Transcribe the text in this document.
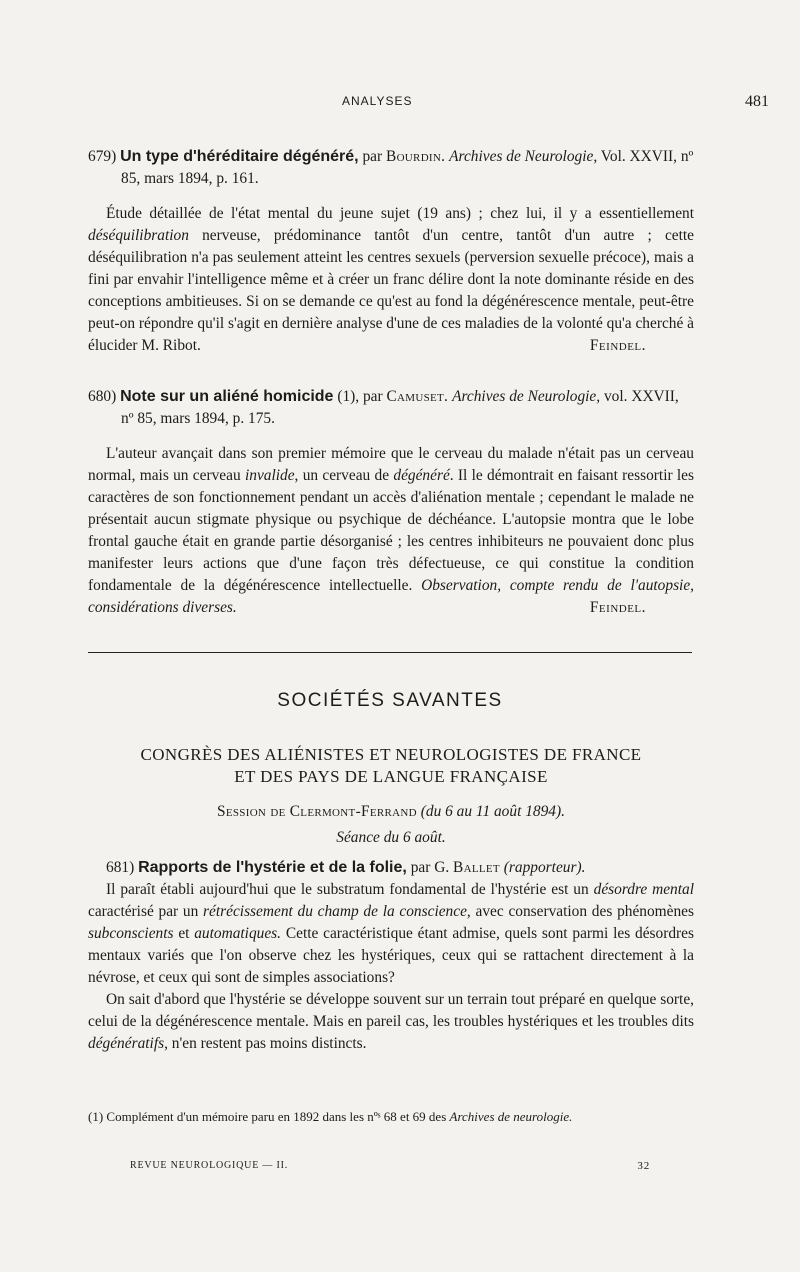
ANALYSES	481

679) Un type d'héréditaire dégénéré, par Bourdin. Archives de Neurologie, Vol. XXVII, nº 85, mars 1894, p. 161.

Étude détaillée de l'état mental du jeune sujet (19 ans) ; chez lui, il y a essentiellement déséquilibration nerveuse, prédominance tantôt d'un centre, tantôt d'un autre ; cette déséquilibration n'a pas seulement atteint les centres sexuels (perversion sexuelle précoce), mais a fini par envahir l'intelligence même et à créer un franc délire dont la note dominante réside en des conceptions ambitieuses. Si on se demande ce qu'est au fond la dégénérescence mentale, peut-être peut-on répondre qu'il s'agit en dernière analyse d'une de ces maladies de la volonté qu'a cherché à élucider M. Ribot.	Feindel.

680) Note sur un aliéné homicide (1), par Camuset. Archives de Neurologie, vol. XXVII, nº 85, mars 1894, p. 175.

L'auteur avançait dans son premier mémoire que le cerveau du malade n'était pas un cerveau normal, mais un cerveau invalide, un cerveau de dégénéré. Il le démontrait en faisant ressortir les caractères de son fonctionnement pendant un accès d'aliénation mentale ; cependant le malade ne présentait aucun stigmate physique ou psychique de déchéance. L'autopsie montra que le lobe frontal gauche était en grande partie désorganisé ; les centres inhibiteurs ne pouvaient donc plus manifester leurs actions que d'une façon très défectueuse, ce qui constitue la condition fondamentale de la dégénérescence intellectuelle. Observation, compte rendu de l'autopsie, considérations diverses.	Feindel.

SOCIÉTÉS SAVANTES
CONGRÈS DES ALIÉNISTES ET NEUROLOGISTES DE FRANCE
ET DES PAYS DE LANGUE FRANÇAISE
Session de Clermont-Ferrand (du 6 au 11 août 1894).
Séance du 6 août.

681) Rapports de l'hystérie et de la folie, par G. Ballet (rapporteur).

Il paraît établi aujourd'hui que le substratum fondamental de l'hystérie est un désordre mental caractérisé par un rétrécissement du champ de la conscience, avec conservation des phénomènes subconscients et automatiques. Cette caractéristique étant admise, quels sont parmi les désordres mentaux variés que l'on observe chez les hystériques, ceux qui se rattachent directement à la névrose, et ceux qui sont de simples associations?

On sait d'abord que l'hystérie se développe souvent sur un terrain tout préparé en quelque sorte, celui de la dégénérescence mentale. Mais en pareil cas, les troubles hystériques et les troubles dits dégénératifs, n'en restent pas moins distincts.

(1) Complément d'un mémoire paru en 1892 dans les nºˢ 68 et 69 des Archives de neurologie.
REVUE NEUROLOGIQUE — II.	32
